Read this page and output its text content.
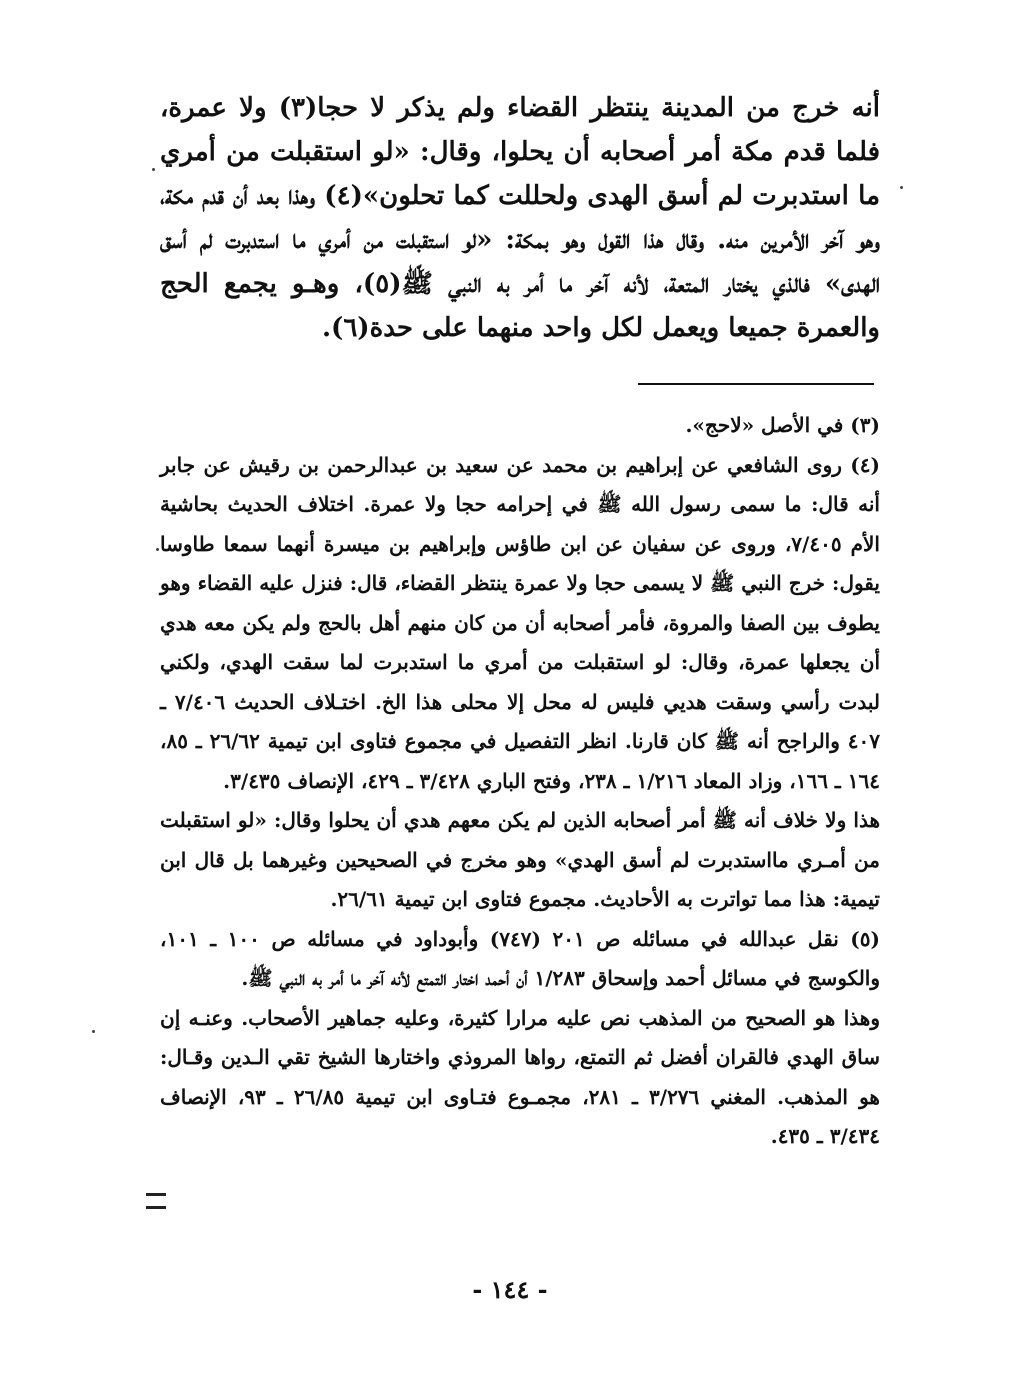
أنه خرج من المدينة ينتظر القضاء ولم يذكر لا حجا(٣) ولا عمرة، فلما قدم مكة أمر أصحابه أن يحلوا، وقال: «لو استقبلت من أمري ما استدبرت لم أسق الهدى ولحللت كما تحلون»(٤) وهذا بعد أن قدم مكة، وهو آخر الأمرين منه. وقال هذا القول وهو بمكة: «لو استقبلت من أمري ما استدبرت لم أسق الهدى» فالذي يختار المتعة، لأنه آخر ما أمر به النبي ﷺ(٥)، وهـو يجمع الحج والعمرة جميعا ويعمل لكل واحد منهما على حدة(٦).

(٣) في الأصل «لاحج».

(٤) روى الشافعي عن إبراهيم بن محمد عن سعيد بن عبدالرحمن بن رقيش عن جابر أنه قال: ما سمى رسول الله ﷺ في إحرامه حجا ولا عمرة. اختلاف الحديث بحاشية الأم ٧/٤٠٥، وروى عن سفيان عن ابن طاؤس وإبراهيم بن ميسرة أنهما سمعا طاوسا يقول: خرج النبي ﷺ لا يسمى حجا ولا عمرة ينتظر القضاء، قال: فنزل عليه القضاء وهو يطوف بين الصفا والمروة، فأمر أصحابه أن من كان منهم أهل بالحج ولم يكن معه هدي أن يجعلها عمرة، وقال: لو استقبلت من أمري ما استدبرت لما سقت الهدي، ولكني لبدت رأسي وسقت هديي فليس له محل إلا محلى هذا الخ. اختـلاف الحديث ٧/٤٠٦ ـ ٤٠٧ والراجح أنه ﷺ كان قارنا. انظر التفصيل في مجموع فتاوى ابن تيمية ٢٦/٦٢ ـ ٨٥، ١٦٤ ـ ١٦٦، وزاد المعاد ١/٢١٦ ـ ٢٣٨، وفتح الباري ٣/٤٢٨ ـ ٤٢٩، الإنصاف ٣/٤٣٥.

هذا ولا خلاف أنه ﷺ أمر أصحابه الذين لم يكن معهم هدي أن يحلوا وقال: «لو استقبلت من أمـري مااستدبرت لم أسق الهدي» وهو مخرج في الصحيحين وغيرهما بل قال ابن تيمية: هذا مما تواترت به الأحاديث. مجموع فتاوى ابن تيمية ٢٦/٦١.

(٥) نقل عبدالله في مسائله ص ٢٠١ (٧٤٧) وأبوداود في مسائله ص ١٠٠ ـ ١٠١، والكوسج في مسائل أحمد وإسحاق ١/٢٨٣ أن أحمد اختار التمتع لأنه آخر ما أمر به النبي ﷺ.

وهذا هو الصحيح من المذهب نص عليه مرارا كثيرة، وعليه جماهير الأصحاب. وعنـه إن ساق الهدي فالقران أفضل ثم التمتع، رواها المروذي واختارها الشيخ تقي الـدين وقـال: هو المذهب. المغني ٣/٢٧٦ ـ ٢٨١، مجمـوع فتـاوى ابن تيمية ٢٦/٨٥ ـ ٩٣، الإنصاف ٣/٤٣٤ ـ ٤٣٥.

- ١٤٤ -
